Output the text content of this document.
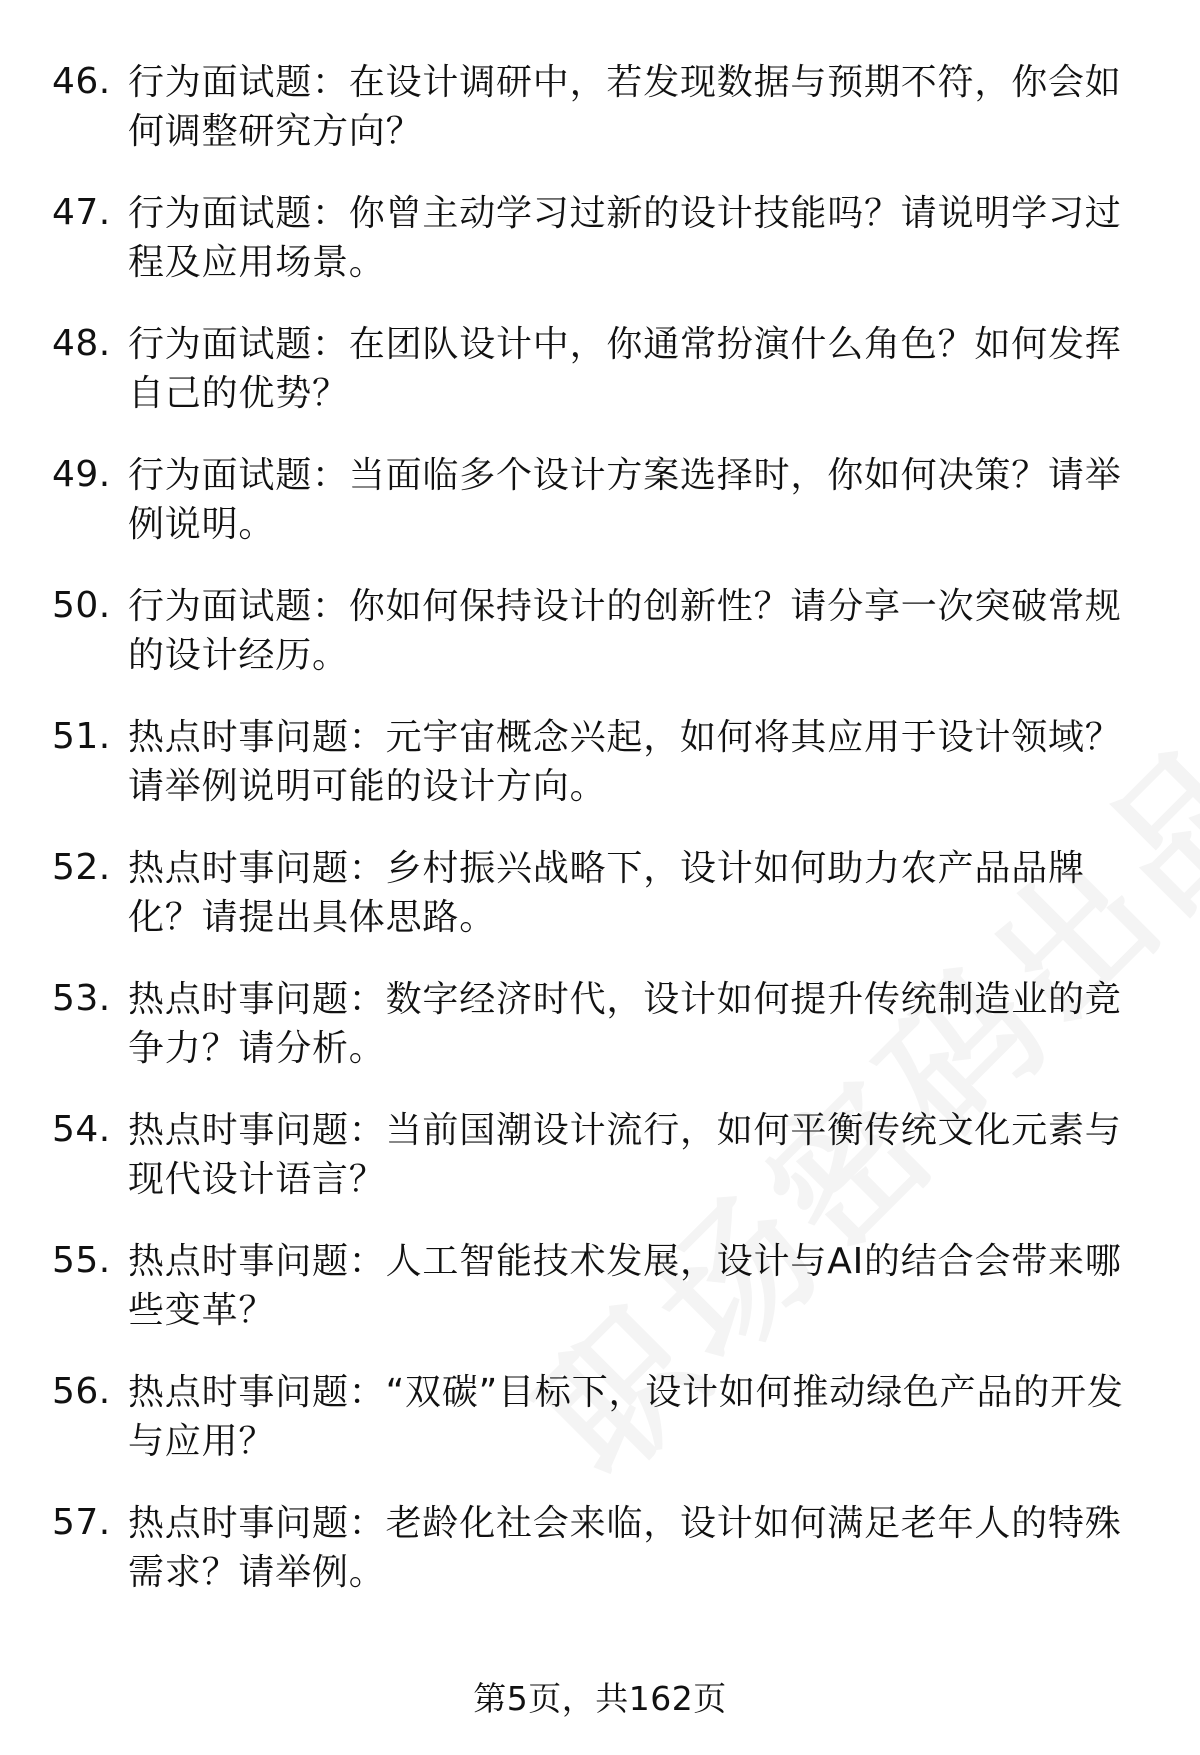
46. 行为面试题：在设计调研中，若发现数据与预期不符，你会如何调整研究方向？
47. 行为面试题：你曾主动学习过新的设计技能吗？请说明学习过程及应用场景。
48. 行为面试题：在团队设计中，你通常扮演什么角色？如何发挥自己的优势？
49. 行为面试题：当面临多个设计方案选择时，你如何决策？请举例说明。
50. 行为面试题：你如何保持设计的创新性？请分享一次突破常规的设计经历。
51. 热点时事问题：元宇宙概念兴起，如何将其应用于设计领域？请举例说明可能的设计方向。
52. 热点时事问题：乡村振兴战略下，设计如何助力农产品品牌化？请提出具体思路。
53. 热点时事问题：数字经济时代，设计如何提升传统制造业的竞争力？请分析。
54. 热点时事问题：当前国潮设计流行，如何平衡传统文化元素与现代设计语言？
55. 热点时事问题：人工智能技术发展，设计与AI的结合会带来哪些变革？
56. 热点时事问题：“双碳”目标下，设计如何推动绿色产品的开发与应用？
57. 热点时事问题：老龄化社会来临，设计如何满足老年人的特殊需求？请举例。
第5页，共162页
